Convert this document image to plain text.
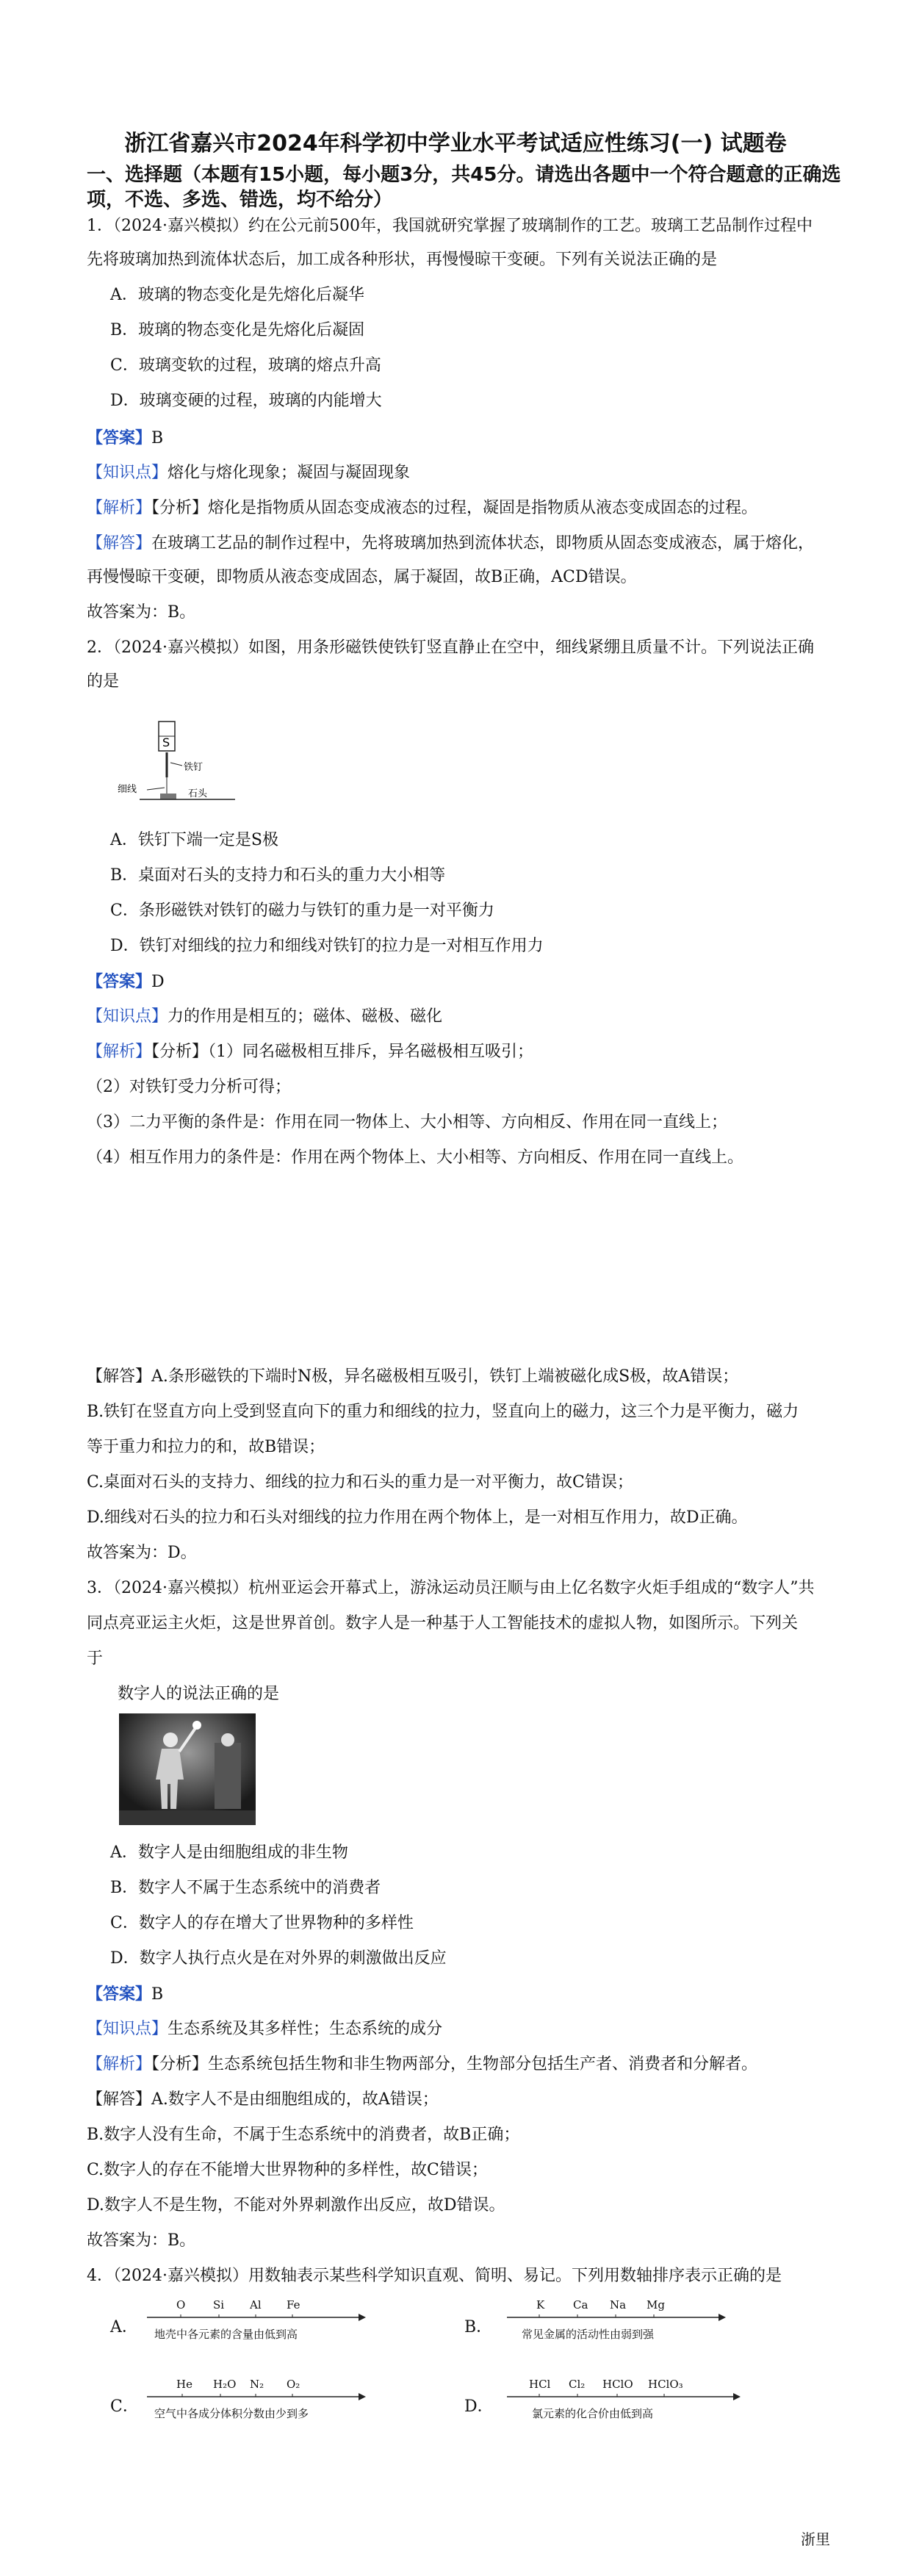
浙江省嘉兴市2024年科学初中学业水平考试适应性练习(一) 试题卷
一、选择题（本题有15小题，每小题3分，共45分。请选出各题中一个符合题意的正确选
项，不选、多选、错选，均不给分）
1．（2024·嘉兴模拟）约在公元前500年，我国就研究掌握了玻璃制作的工艺。玻璃工艺品制作过程中
先将玻璃加热到流体状态后，加工成各种形状，再慢慢晾干变硬。下列有关说法正确的是
A．玻璃的物态变化是先熔化后凝华
B．玻璃的物态变化是先熔化后凝固
C．玻璃变软的过程，玻璃的熔点升高
D．玻璃变硬的过程，玻璃的内能增大
【答案】B
【知识点】熔化与熔化现象；凝固与凝固现象
【解析】【分析】熔化是指物质从固态变成液态的过程，凝固是指物质从液态变成固态的过程。
【解答】在玻璃工艺品的制作过程中，先将玻璃加热到流体状态，即物质从固态变成液态，属于熔化，
再慢慢晾干变硬，即物质从液态变成固态，属于凝固，故B正确，ACD错误。
故答案为：B。
2．（2024·嘉兴模拟）如图，用条形磁铁使铁钉竖直静止在空中，细线紧绷且质量不计。下列说法正确
的是
S
铁钉
细线	石头
A．铁钉下端一定是S极
B．桌面对石头的支持力和石头的重力大小相等
C．条形磁铁对铁钉的磁力与铁钉的重力是一对平衡力
D．铁钉对细线的拉力和细线对铁钉的拉力是一对相互作用力
【答案】D
【知识点】力的作用是相互的；磁体、磁极、磁化
【解析】【分析】（1）同名磁极相互排斥，异名磁极相互吸引；
（2）对铁钉受力分析可得；
（3）二力平衡的条件是：作用在同一物体上、大小相等、方向相反、作用在同一直线上；
（4）相互作用力的条件是：作用在两个物体上、大小相等、方向相反、作用在同一直线上。
【解答】A.条形磁铁的下端时N极，异名磁极相互吸引，铁钉上端被磁化成S极，故A错误；
B.铁钉在竖直方向上受到竖直向下的重力和细线的拉力，竖直向上的磁力，这三个力是平衡力，磁力
等于重力和拉力的和，故B错误；
C.桌面对石头的支持力、细线的拉力和石头的重力是一对平衡力，故C错误；
D.细线对石头的拉力和石头对细线的拉力作用在两个物体上，是一对相互作用力，故D正确。
故答案为：D。
3．（2024·嘉兴模拟）杭州亚运会开幕式上，游泳运动员汪顺与由上亿名数字火炬手组成的“数字人”共
同点亮亚运主火炬，这是世界首创。数字人是一种基于人工智能技术的虚拟人物，如图所示。下列关
于
数字人的说法正确的是
A．数字人是由细胞组成的非生物
B．数字人不属于生态系统中的消费者
C．数字人的存在增大了世界物种的多样性
D．数字人执行点火是在对外界的刺激做出反应
【答案】B
【知识点】生态系统及其多样性；生态系统的成分
【解析】【分析】生态系统包括生物和非生物两部分，生物部分包括生产者、消费者和分解者。
【解答】A.数字人不是由细胞组成的，故A错误；
B.数字人没有生命，不属于生态系统中的消费者，故B正确；
C.数字人的存在不能增大世界物种的多样性，故C错误；
D.数字人不是生物，不能对外界刺激作出反应，故D错误。
故答案为：B。
4．（2024·嘉兴模拟）用数轴表示某些科学知识直观、简明、易记。下列用数轴排序表示正确的是
A．
O	Si Al Fe
地壳中各元素的含量由低到高	B．
K	Ca Na Mg
常见金属的活动性由弱到强
C．
He H₂O N₂ O₂
空气中各成分体积分数由少到多	D．
HCl Cl₂ HClO HClO₃
氯元素的化合价由低到高
浙里
